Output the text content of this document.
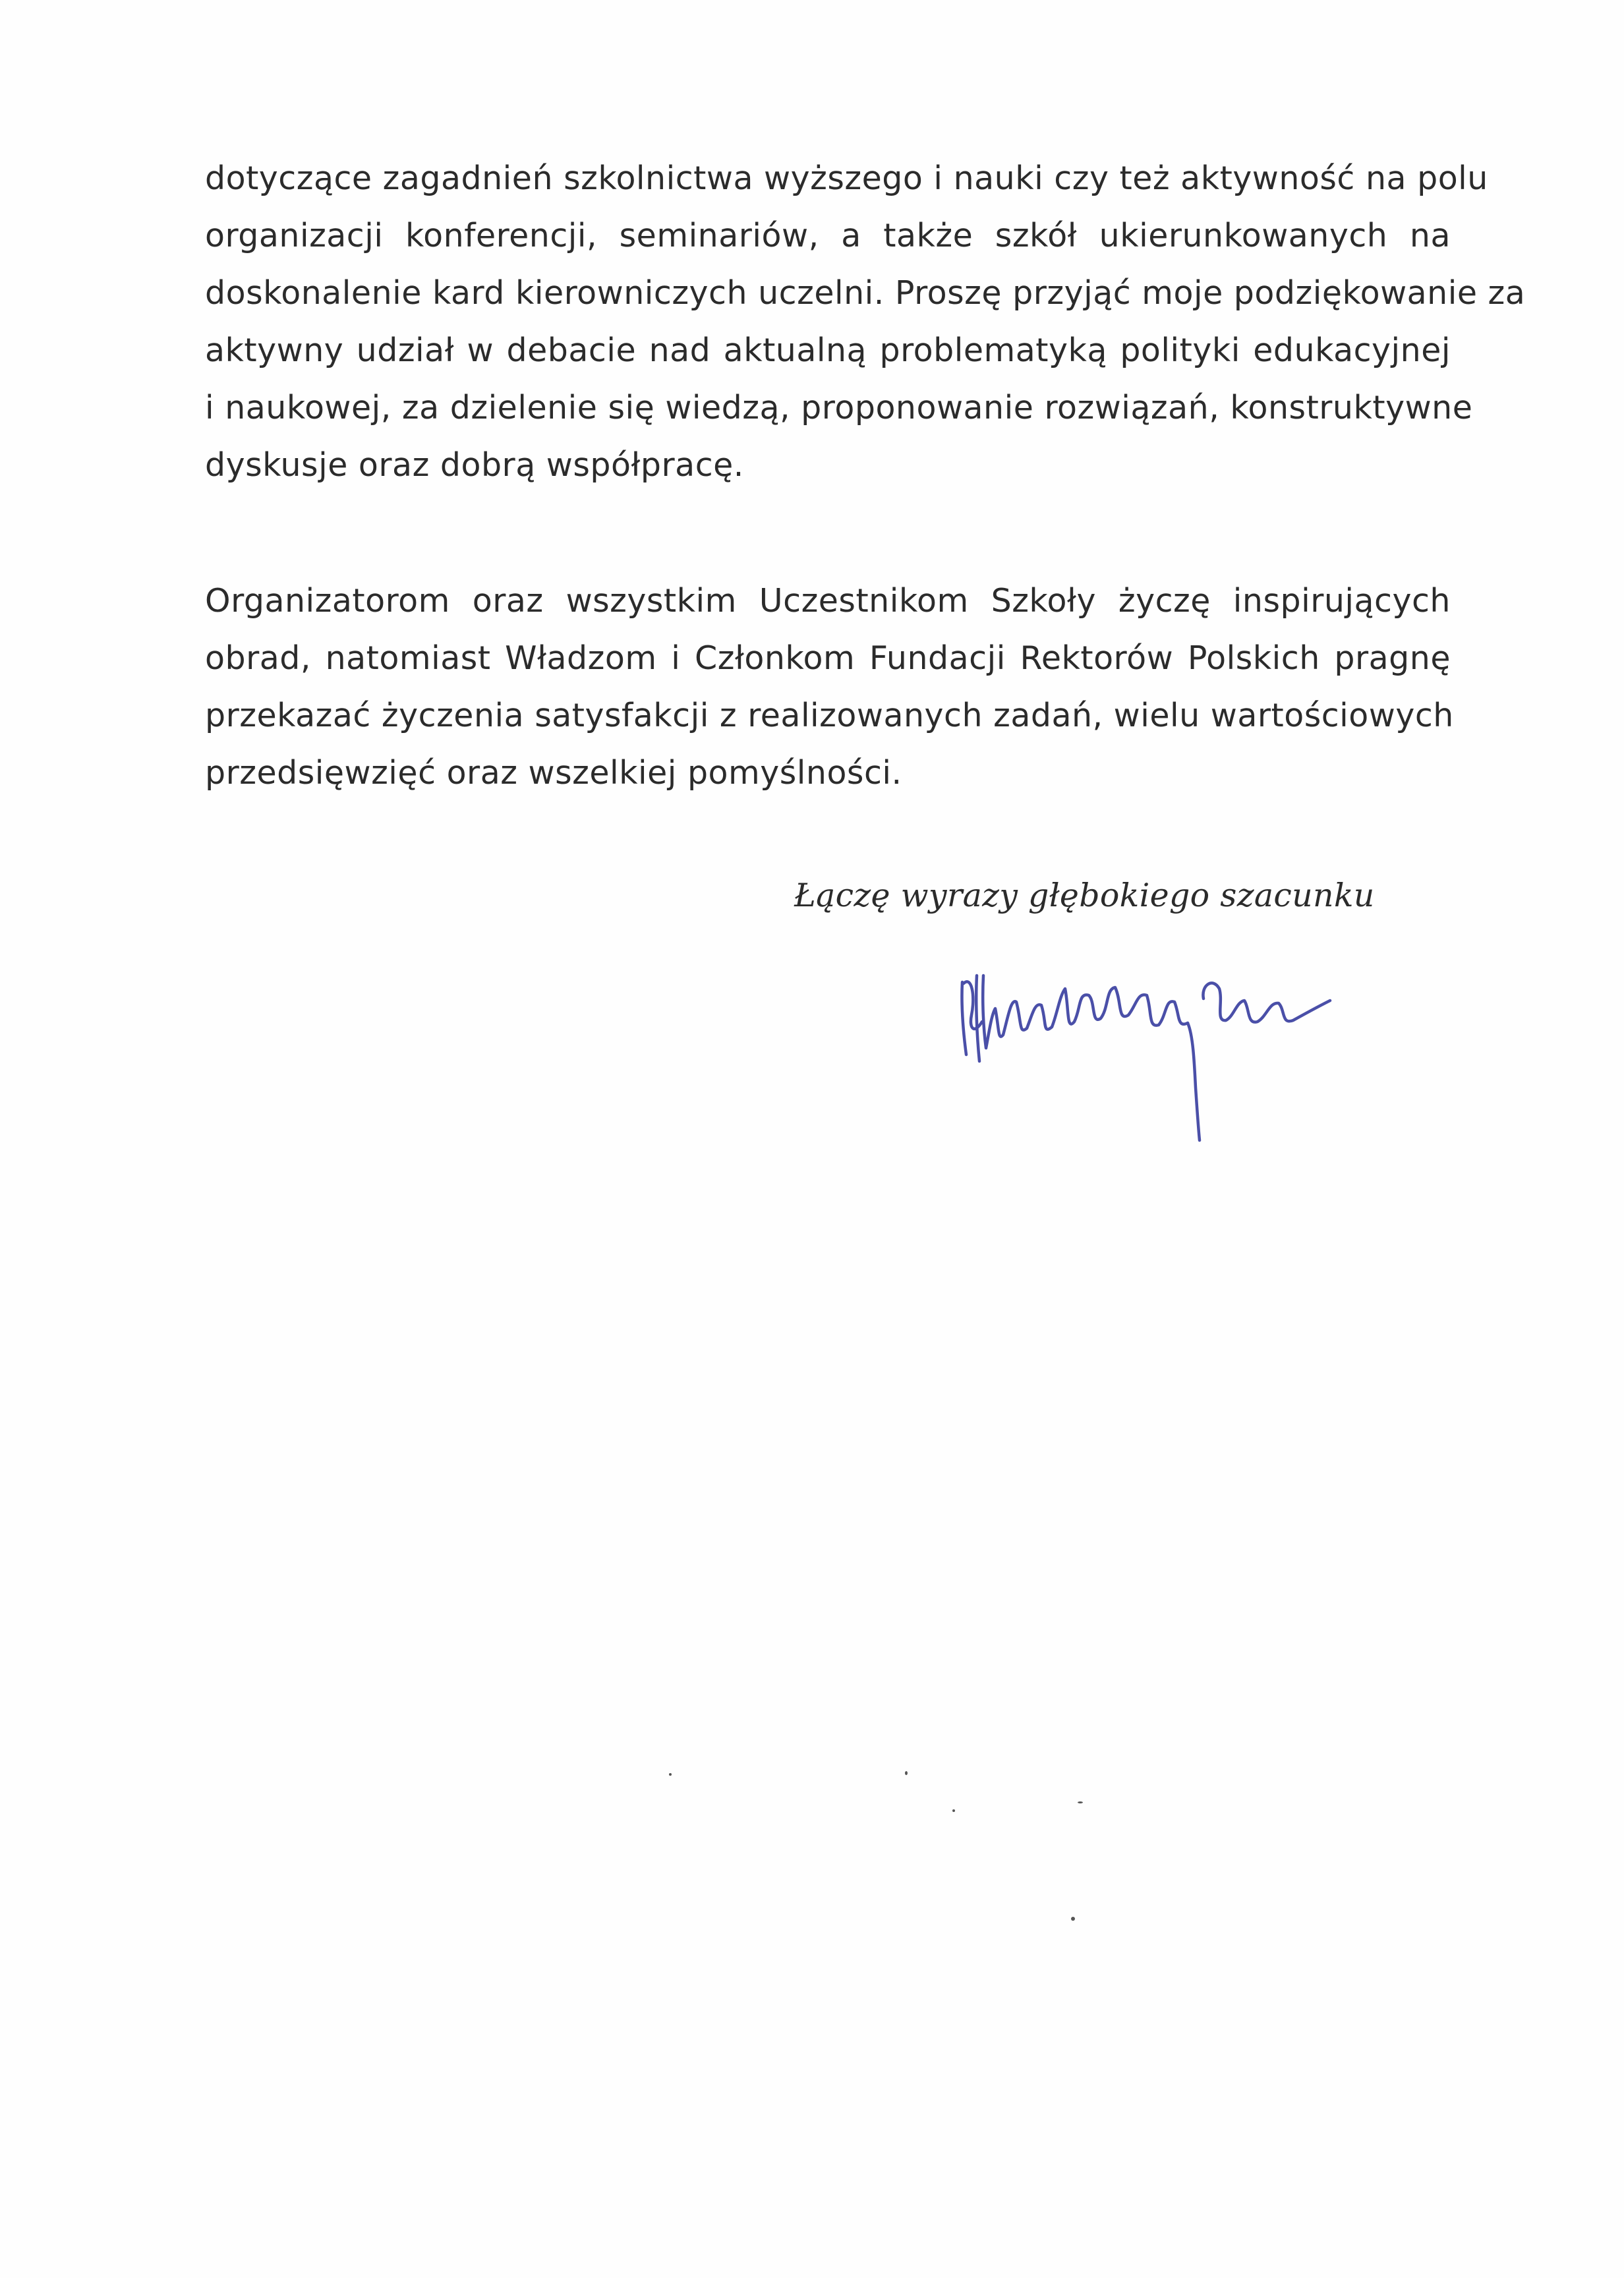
dotyczące zagadnień szkolnictwa wyższego i nauki czy też aktywność na polu
organizacji konferencji, seminariów, a także szkół ukierunkowanych na
doskonalenie kard kierowniczych uczelni. Proszę przyjąć moje podziękowanie za
aktywny udział w debacie nad aktualną problematyką polityki edukacyjnej
i naukowej, za dzielenie się wiedzą, proponowanie rozwiązań, konstruktywne
dyskusje oraz dobrą współpracę.
Organizatorom oraz wszystkim Uczestnikom Szkoły życzę inspirujących
obrad, natomiast Władzom i Członkom Fundacji Rektorów Polskich pragnę
przekazać życzenia satysfakcji z realizowanych zadań, wielu wartościowych
przedsięwzięć oraz wszelkiej pomyślności.
Łączę wyrazy głębokiego szacunku
